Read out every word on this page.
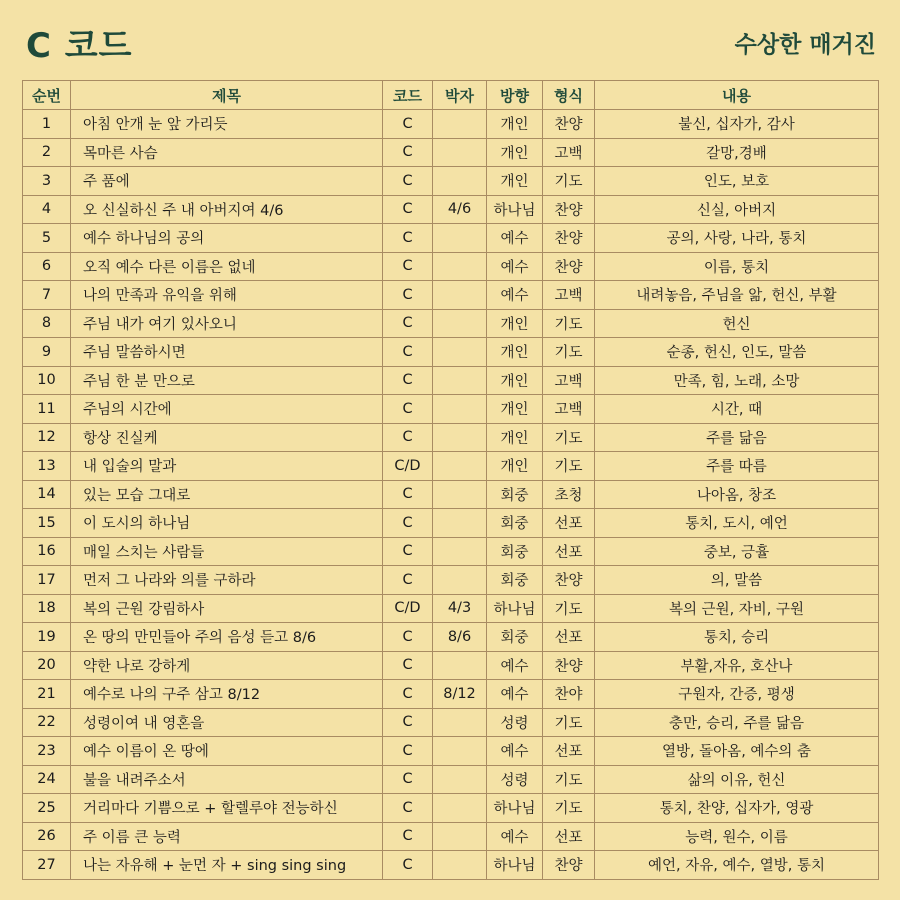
C 코드	수상한 매거진
순번	제목	코드	박자	방향	형식	내용
1	아침 안개 눈 앞 가리듯	C		개인	찬양	불신, 십자가, 감사
2	목마른 사슴	C		개인	고백	갈망,경배
3	주 품에	C		개인	기도	인도, 보호
4	오 신실하신 주 내 아버지여 4/6	C	4/6	하나님	찬양	신실, 아버지
5	예수 하나님의 공의	C		예수	찬양	공의, 사랑, 나라, 통치
6	오직 예수 다른 이름은 없네	C		예수	찬양	이름, 통치
7	나의 만족과 유익을 위해	C		예수	고백	내려놓음, 주님을 앎, 헌신, 부활
8	주님 내가 여기 있사오니	C		개인	기도	헌신
9	주님 말씀하시면	C		개인	기도	순종, 헌신, 인도, 말씀
10	주님 한 분 만으로	C		개인	고백	만족, 힘, 노래, 소망
11	주님의 시간에	C		개인	고백	시간, 때
12	항상 진실케	C		개인	기도	주를 닮음
13	내 입술의 말과	C/D		개인	기도	주를 따름
14	있는 모습 그대로	C		회중	초청	나아옴, 창조
15	이 도시의 하나님	C		회중	선포	통치, 도시, 예언
16	매일 스치는 사람들	C		회중	선포	중보, 긍휼
17	먼저 그 나라와 의를 구하라	C		회중	찬양	의, 말씀
18	복의 근원 강림하사	C/D	4/3	하나님	기도	복의 근원, 자비, 구원
19	온 땅의 만민들아 주의 음성 듣고 8/6	C	8/6	회중	선포	통치, 승리
20	약한 나로 강하게	C		예수	찬양	부활,자유, 호산나
21	예수로 나의 구주 삼고 8/12	C	8/12	예수	찬야	구원자, 간증, 평생
22	성령이여 내 영혼을	C		성령	기도	충만, 승리, 주를 닮음
23	예수 이름이 온 땅에	C		예수	선포	열방, 돌아옴, 예수의 춤
24	불을 내려주소서	C		성령	기도	삶의 이유, 헌신
25	거리마다 기쁨으로 + 할렐루야 전능하신	C		하나님	기도	통치, 찬양, 십자가, 영광
26	주 이름 큰 능력	C		예수	선포	능력, 원수, 이름
27	나는 자유해 + 눈먼 자 + sing sing sing	C		하나님	찬양	예언, 자유, 예수, 열방, 통치
